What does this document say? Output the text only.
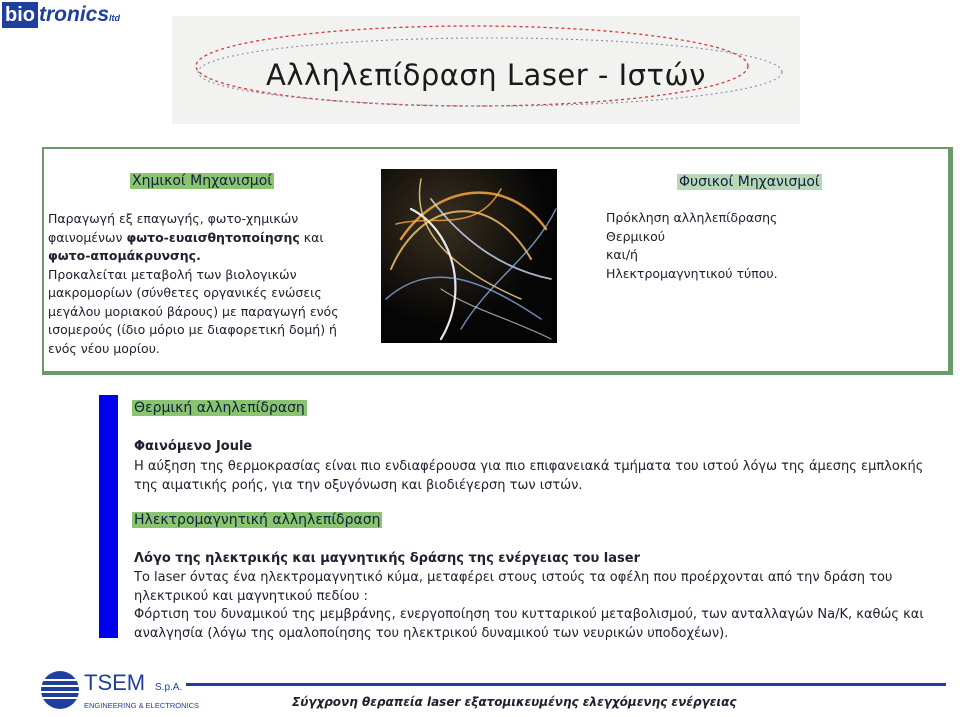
bio tronics ltd
Αλληλεπίδραση Laser - Ιστών
Χημικοί Μηχανισμοί
Παραγωγή εξ επαγωγής, φωτο-χημικών φαινομένων φωτο-ευαισθητοποίησης και φωτο-απομάκρυνσης.
Προκαλείται μεταβολή των βιολογικών μακρομορίων (σύνθετες οργανικές ενώσεις μεγάλου μοριακού βάρους) με παραγωγή ενός ισομερούς (ίδιο μόριο με διαφορετική δομή) ή ενός νέου μορίου.
Φυσικοί Μηχανισμοί
Πρόκληση αλληλεπίδρασης
Θερμικού
και/ή
Ηλεκτρομαγνητικού τύπου.
Θερμική αλληλεπίδραση
Φαινόμενο Joule
Η αύξηση της θερμοκρασίας είναι πιο ενδιαφέρουσα για πιο επιφανειακά τμήματα του ιστού λόγω της άμεσης εμπλοκής της αιματικής ροής, για την οξυγόνωση και βιοδιέγερση των ιστών.
Ηλεκτρομαγνητική αλληλεπίδραση
Λόγο της ηλεκτρικής και μαγνητικής δράσης της ενέργειας του laser
Το laser όντας ένα ηλεκτρομαγνητικό κύμα, μεταφέρει στους ιστούς τα οφέλη που προέρχονται από την δράση του ηλεκτρικού και μαγνητικού πεδίου :
Φόρτιση του δυναμικού της μεμβράνης, ενεργοποίηση του κυτταρικού μεταβολισμού, των ανταλλαγών Na/K, καθώς και αναλγησία (λόγω της ομαλοποίησης του ηλεκτρικού δυναμικού των νευρικών υποδοχέων).
TSEM S.p.A.
ENGINEERING & ELECTRONICS	Σύγχρονη θεραπεία laser εξατομικευμένης ελεγχόμενης ενέργειας
